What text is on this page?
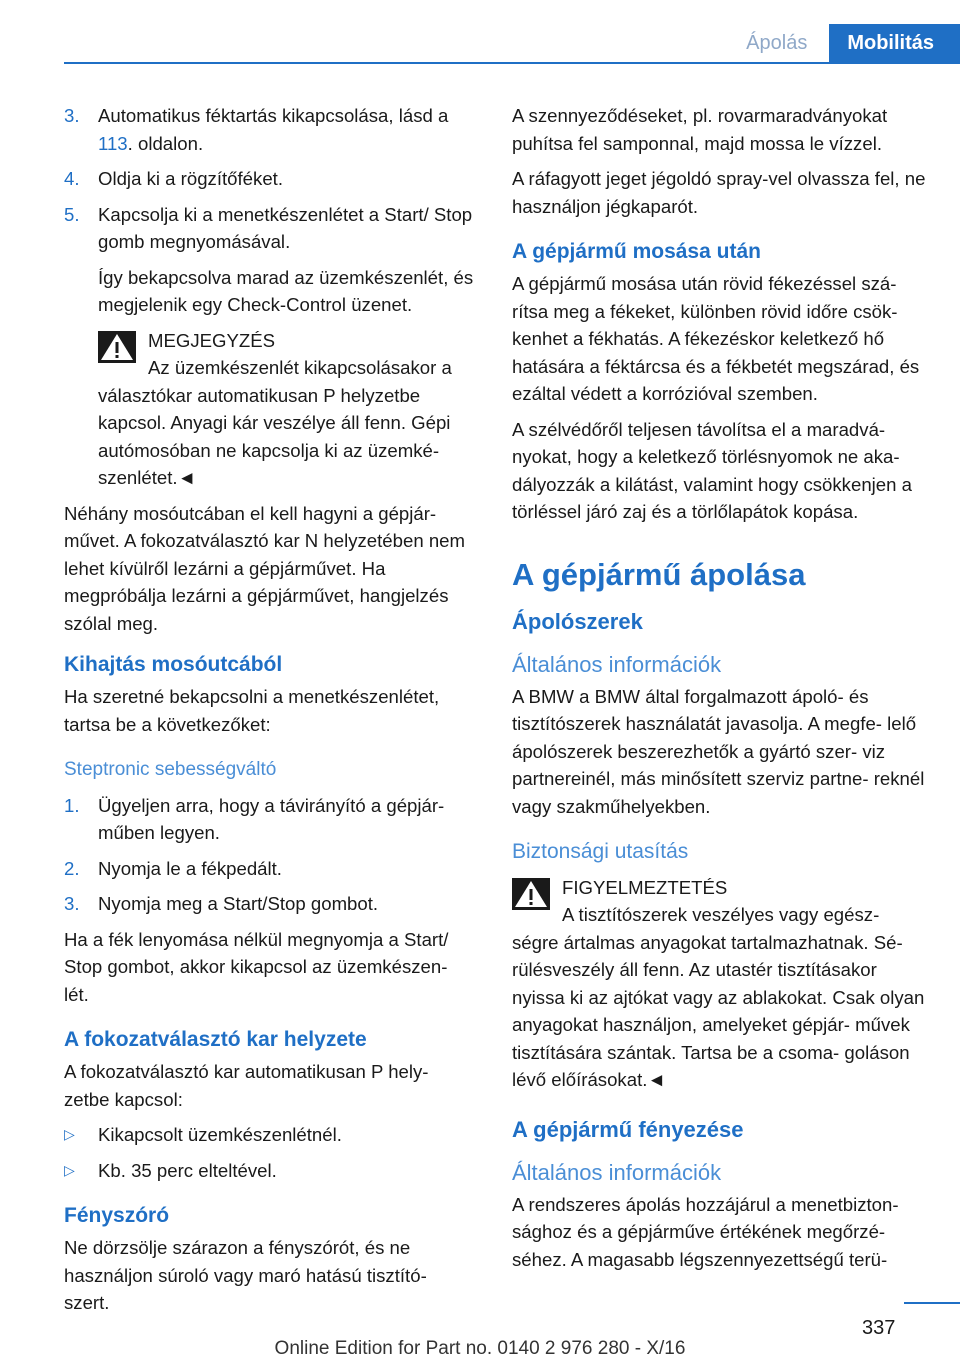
Ápolás	Mobilitás
3. Automatikus féktartás kikapcsolása, lásd a 113. oldalon.
4. Oldja ki a rögzítőféket.
5. Kapcsolja ki a menetkészenlétet a Start/ Stop gomb megnyomásával.

Így bekapcsolva marad az üzemkészenlét, és megjelenik egy Check-Control üzenet.

MEGJEGYZÉS
Az üzemkészenlét kikapcsolásakor a

választókar automatikusan P helyzetbe kapcsol. Anyagi kár veszélye áll fenn. Gépi autómosóban ne kapcsolja ki az üzemké- szenlétet.◄

Néhány mosóutcában el kell hagyni a gépjár- művet. A fokozatválasztó kar N helyzetében nem lehet kívülről lezárni a gépjárművet. Ha megpróbálja lezárni a gépjárművet, hangjelzés szólal meg.

Kihajtás mosóutcából

Ha szeretné bekapcsolni a menetkészenlétet, tartsa be a következőket:

Steptronic sebességváltó
1. Ügyeljen arra, hogy a távirányító a gépjár- műben legyen.
2. Nyomja le a fékpedált.
3. Nyomja meg a Start/Stop gombot.

Ha a fék lenyomása nélkül megnyomja a Start/ Stop gombot, akkor kikapcsol az üzemkészen- lét.

A fokozatválasztó kar helyzete

A fokozatválasztó kar automatikusan P hely- zetbe kapcsol:

▷	Kikapcsolt üzemkészenlétnél.
▷	Kb. 35 perc elteltével.
Fényszóró

Ne dörzsölje szárazon a fényszórót, és ne használjon súroló vagy maró hatású tisztító- szert.

A szennyeződéseket, pl. rovarmaradványokat puhítsa fel samponnal, majd mossa le vízzel.

A ráfagyott jeget jégoldó spray-vel olvassza fel, ne használjon jégkaparót.

A gépjármű mosása után

A gépjármű mosása után rövid fékezéssel szá- rítsa meg a fékeket, különben rövid időre csök- kenhet a fékhatás. A fékezéskor keletkező hő hatására a féktárcsa és a fékbetét megszárad, és ezáltal védett a korrózióval szemben.

A szélvédőről teljesen távolítsa el a maradvá- nyokat, hogy a keletkező törlésnyomok ne aka- dályozzák a kilátást, valamint hogy csökkenjen a törléssel járó zaj és a törlőlapátok kopása.

A gépjármű ápolása
Ápolószerek
Általános információk

A BMW a BMW által forgalmazott ápoló- és tisztítószerek használatát javasolja. A megfe- lelő ápolószerek beszerezhetők a gyártó szer- viz partnereinél, más minősített szerviz partne- reknél vagy szakműhelyekben.

Biztonsági utasítás
FIGYELMEZTETÉS
A tisztítószerek veszélyes vagy egész-

ségre ártalmas anyagokat tartalmazhatnak. Sé- rülésveszély áll fenn. Az utastér tisztításakor nyissa ki az ajtókat vagy az ablakokat. Csak olyan anyagokat használjon, amelyeket gépjár- művek tisztítására szántak. Tartsa be a csoma- goláson lévő előírásokat.◄

A gépjármű fényezése
Általános információk

A rendszeres ápolás hozzájárul a menetbizton- sághoz és a gépjárműve értékének megőrzé- séhez. A magasabb légszennyezettségű terü-

337
Online Edition for Part no. 0140 2 976 280 - X/16
